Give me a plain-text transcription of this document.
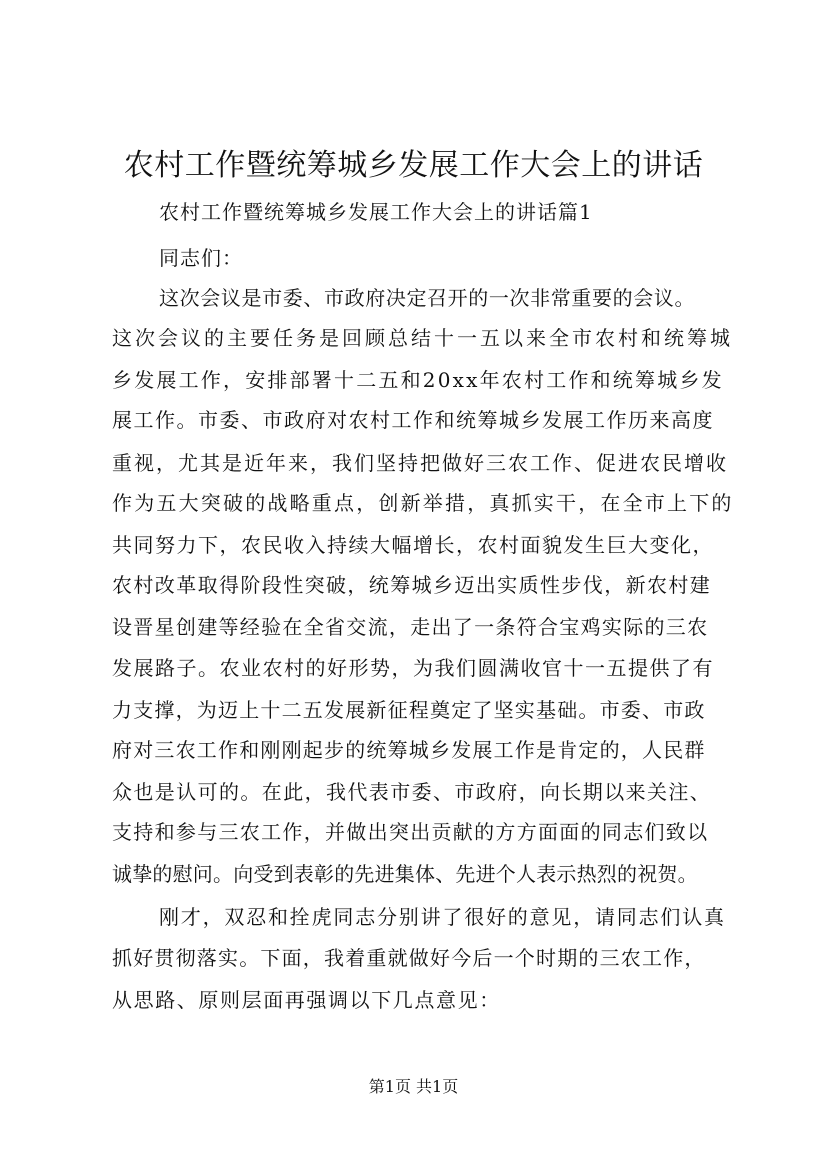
农村工作暨统筹城乡发展工作大会上的讲话
农村工作暨统筹城乡发展工作大会上的讲话篇1
同志们：
这次会议是市委、市政府决定召开的一次非常重要的会议。
这次会议的主要任务是回顾总结十一五以来全市农村和统筹城
乡发展工作，安排部署十二五和20xx年农村工作和统筹城乡发
展工作。市委、市政府对农村工作和统筹城乡发展工作历来高度
重视，尤其是近年来，我们坚持把做好三农工作、促进农民增收
作为五大突破的战略重点，创新举措，真抓实干，在全市上下的
共同努力下，农民收入持续大幅增长，农村面貌发生巨大变化，
农村改革取得阶段性突破，统筹城乡迈出实质性步伐，新农村建
设晋星创建等经验在全省交流，走出了一条符合宝鸡实际的三农
发展路子。农业农村的好形势，为我们圆满收官十一五提供了有
力支撑，为迈上十二五发展新征程奠定了坚实基础。市委、市政
府对三农工作和刚刚起步的统筹城乡发展工作是肯定的，人民群
众也是认可的。在此，我代表市委、市政府，向长期以来关注、
支持和参与三农工作，并做出突出贡献的方方面面的同志们致以
诚挚的慰问。向受到表彰的先进集体、先进个人表示热烈的祝贺。
刚才，双忍和拴虎同志分别讲了很好的意见，请同志们认真
抓好贯彻落实。下面，我着重就做好今后一个时期的三农工作，
从思路、原则层面再强调以下几点意见：
第1页 共1页
